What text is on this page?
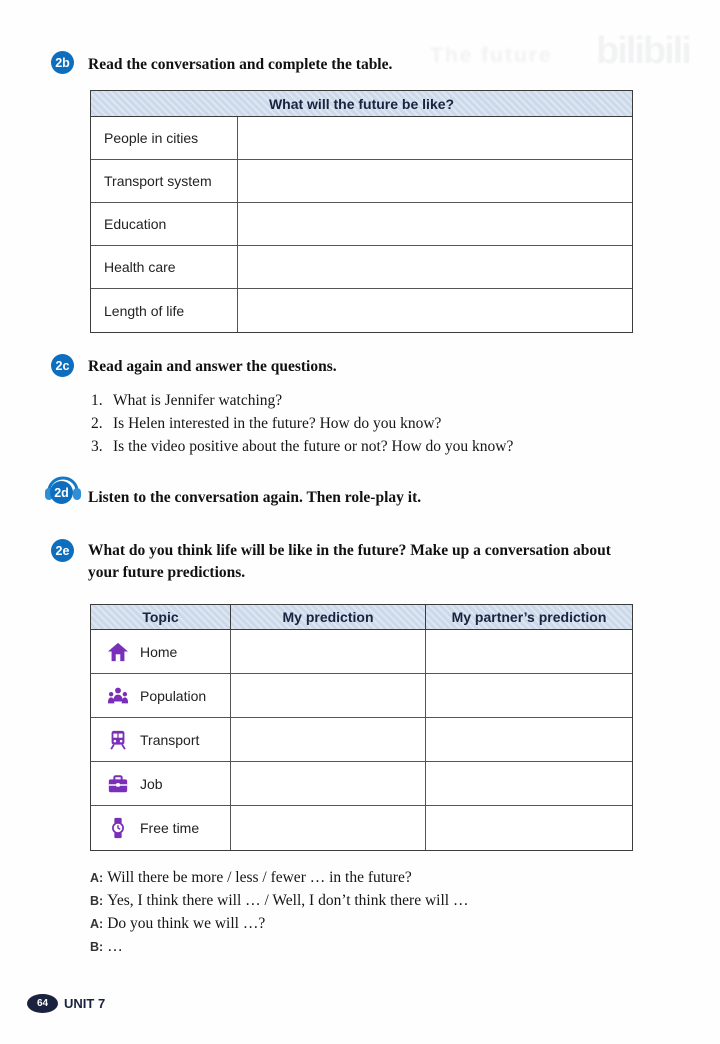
The future bilibili
2b Read the conversation and complete the table.
What will the future be like?
People in cities
Transport system
Education
Health care
Length of life
2c Read again and answer the questions.
1. What is Jennifer watching?
2. Is Helen interested in the future? How do you know?
3. Is the video positive about the future or not? How do you know?
2d Listen to the conversation again. Then role-play it.
2e What do you think life will be like in the future? Make up a conversation about your future predictions.
Topic	My prediction	My partner’s prediction
Home
Population
Transport
Job
Free time
A: Will there be more / less / fewer … in the future?
B: Yes, I think there will … / Well, I don’t think there will …
A: Do you think we will …?
B: …
64	UNIT 7
